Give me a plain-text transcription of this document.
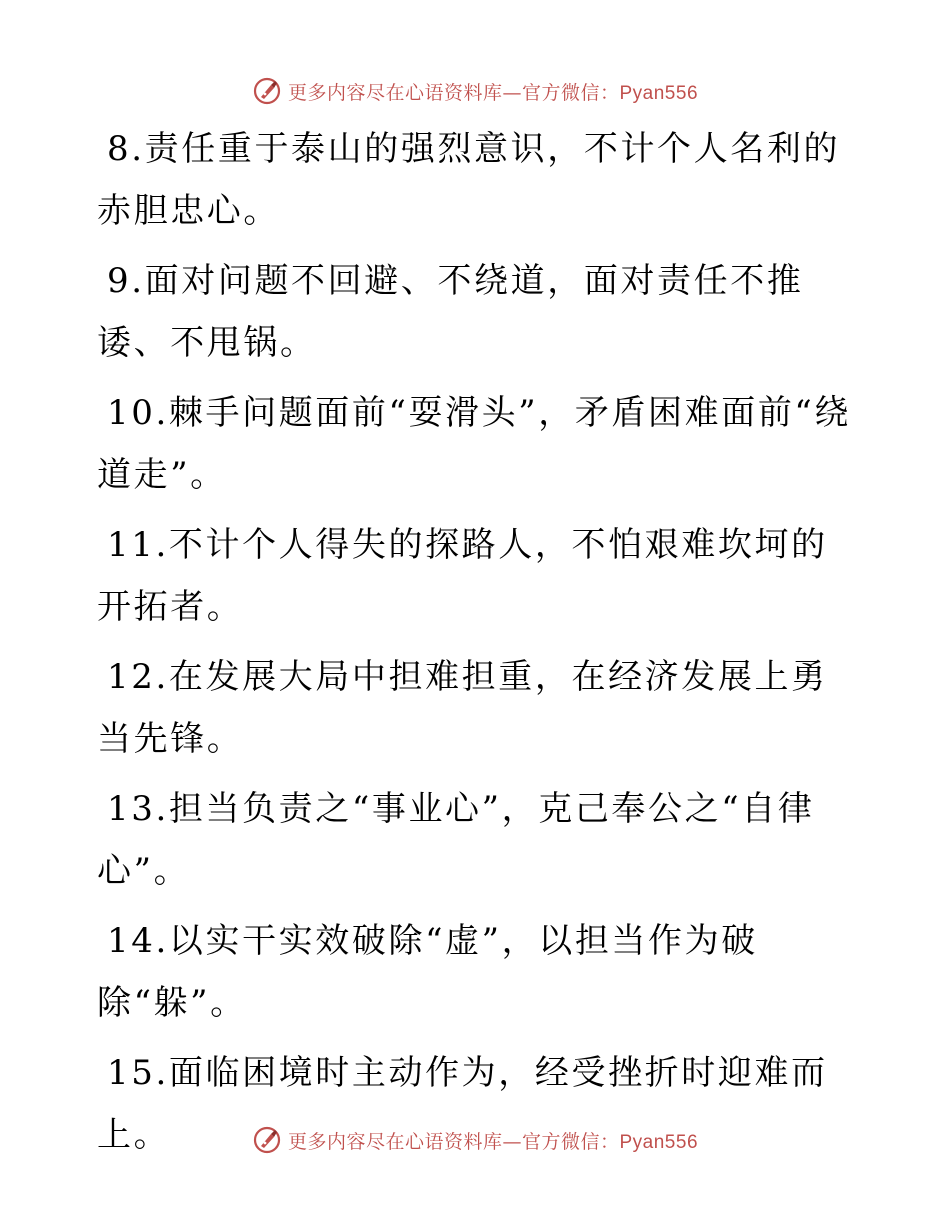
更多内容尽在心语资料库—官方微信：Pyan556

8.责任重于泰山的强烈意识，不计个人名利的赤胆忠心。

9.面对问题不回避、不绕道，面对责任不推诿、不甩锅。

10.棘手问题面前“耍滑头”，矛盾困难面前“绕道走”。

11.不计个人得失的探路人，不怕艰难坎坷的开拓者。

12.在发展大局中担难担重，在经济发展上勇当先锋。

13.担当负责之“事业心”，克己奉公之“自律心”。

14.以实干实效破除“虚”，以担当作为破除“躲”。

15.面临困境时主动作为，经受挫折时迎难而上。	更多内容尽在心语资料库—官方微信：Pyan556
